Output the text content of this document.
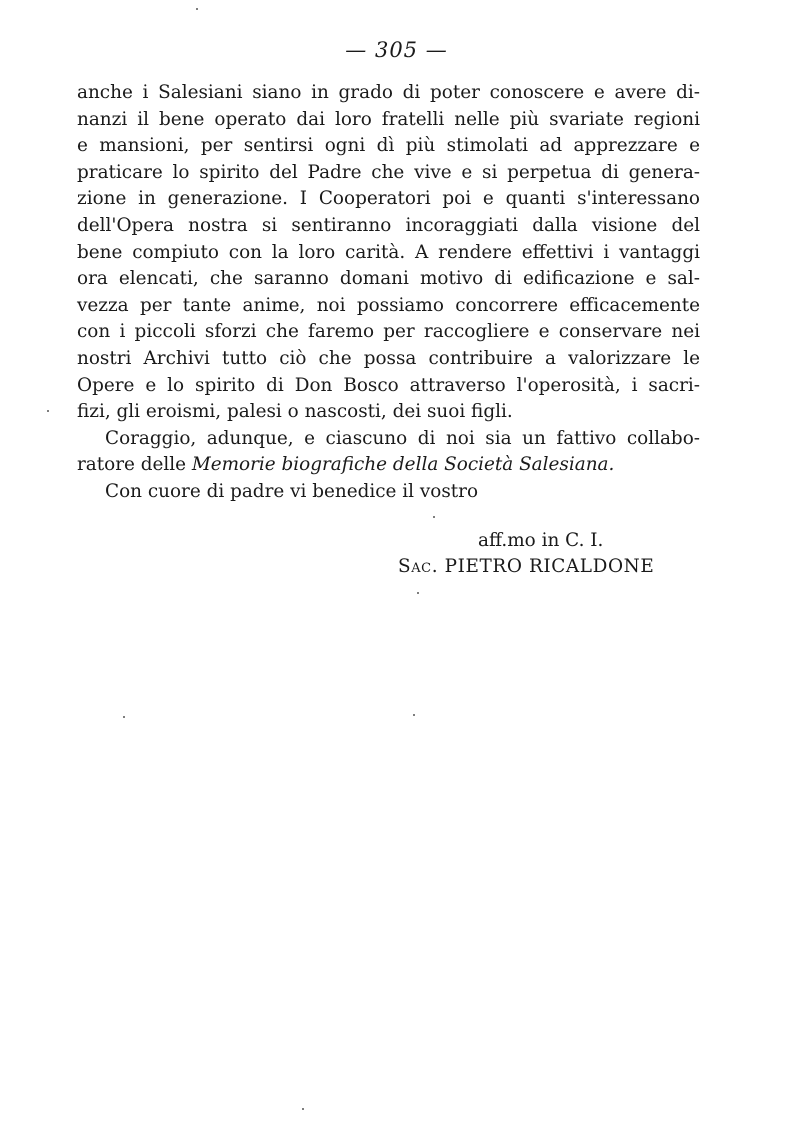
— 305 —
anche i Salesiani siano in grado di poter conoscere e avere di-
nanzi il bene operato dai loro fratelli nelle più svariate regioni
e mansioni, per sentirsi ogni dì più stimolati ad apprezzare e
praticare lo spirito del Padre che vive e si perpetua di genera-
zione in generazione. I Cooperatori poi e quanti s'interessano
dell'Opera nostra si sentiranno incoraggiati dalla visione del
bene compiuto con la loro carità. A rendere effettivi i vantaggi
ora elencati, che saranno domani motivo di edificazione e sal-
vezza per tante anime, noi possiamo concorrere efficacemente
con i piccoli sforzi che faremo per raccogliere e conservare nei
nostri Archivi tutto ciò che possa contribuire a valorizzare le
Opere e lo spirito di Don Bosco attraverso l'operosità, i sacri-
fizi, gli eroismi, palesi o nascosti, dei suoi figli.
Coraggio, adunque, e ciascuno di noi sia un fattivo collabo-
ratore delle Memorie biografiche della Società Salesiana.
Con cuore di padre vi benedice il vostro
aff.mo in C. I.
Sac. PIETRO RICALDONE
